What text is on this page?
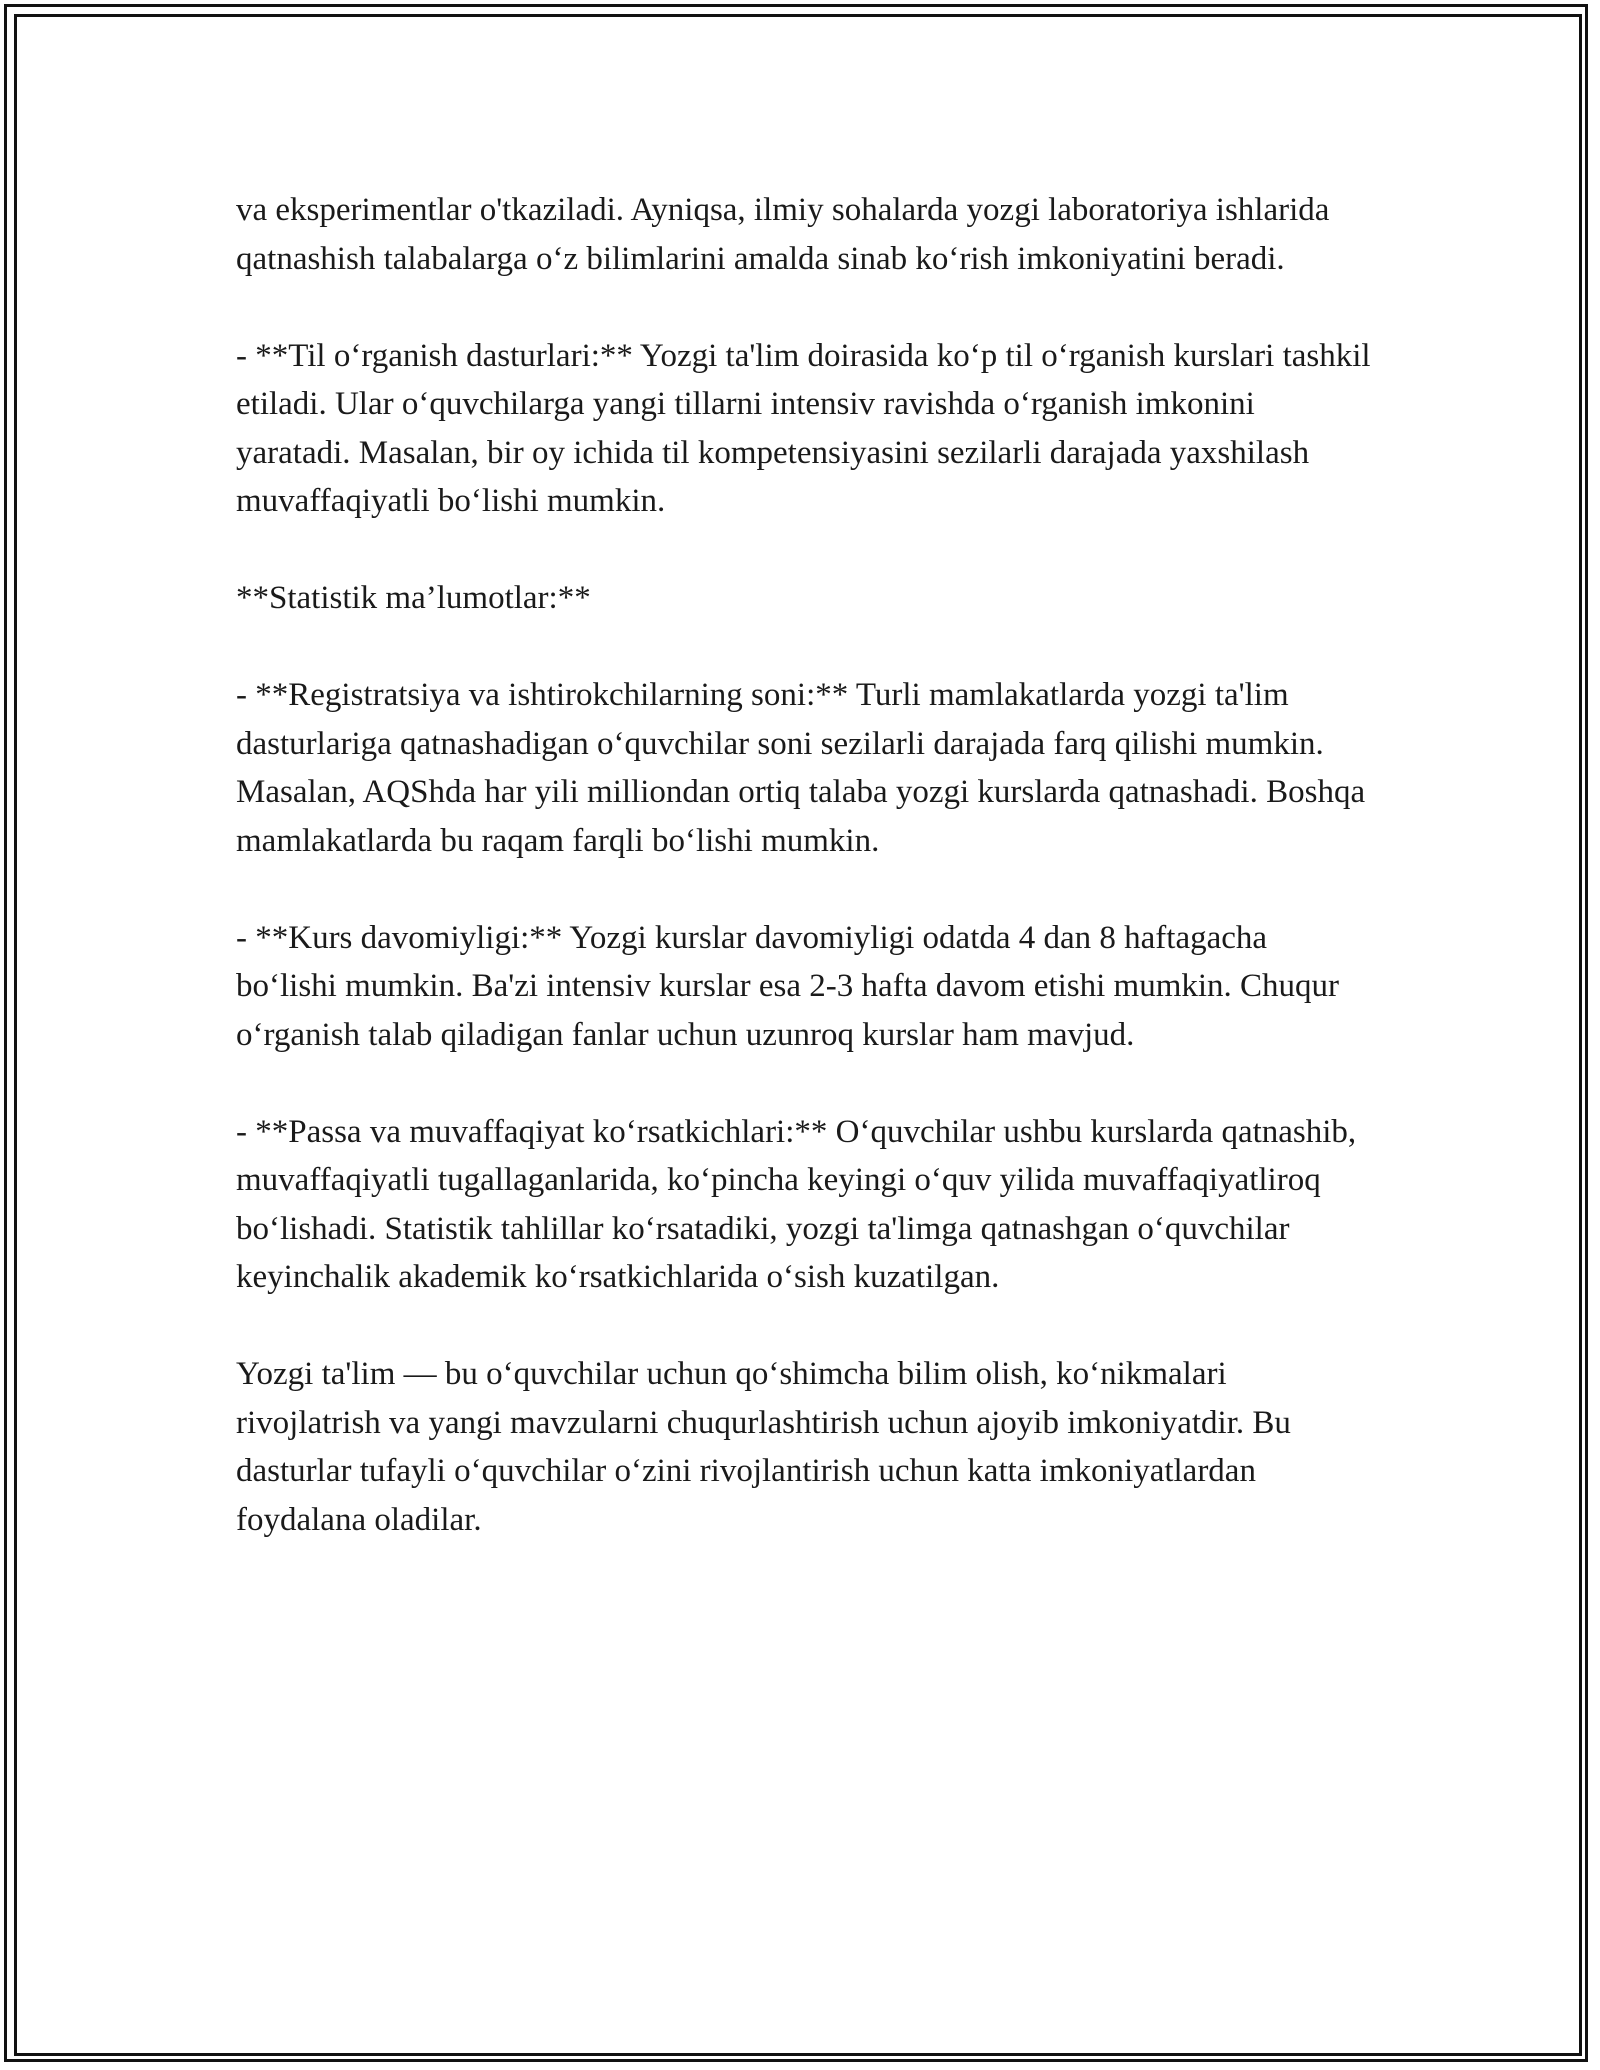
va eksperimentlar o'tkaziladi. Ayniqsa, ilmiy sohalarda yozgi laboratoriya ishlarida qatnashish talabalarga o‘z bilimlarini amalda sinab ko‘rish imkoniyatini beradi.

- **Til o‘rganish dasturlari:** Yozgi ta'lim doirasida ko‘p til o‘rganish kurslari tashkil etiladi. Ular o‘quvchilarga yangi tillarni intensiv ravishda o‘rganish imkonini yaratadi. Masalan, bir oy ichida til kompetensiyasini sezilarli darajada yaxshilash muvaffaqiyatli bo‘lishi mumkin.

**Statistik ma’lumotlar:**

- **Registratsiya va ishtirokchilarning soni:** Turli mamlakatlarda yozgi ta'lim dasturlariga qatnashadigan o‘quvchilar soni sezilarli darajada farq qilishi mumkin. Masalan, AQShda har yili milliondan ortiq talaba yozgi kurslarda qatnashadi. Boshqa mamlakatlarda bu raqam farqli bo‘lishi mumkin.

- **Kurs davomiyligi:** Yozgi kurslar davomiyligi odatda 4 dan 8 haftagacha bo‘lishi mumkin. Ba'zi intensiv kurslar esa 2-3 hafta davom etishi mumkin. Chuqur o‘rganish talab qiladigan fanlar uchun uzunroq kurslar ham mavjud.

- **Passa va muvaffaqiyat ko‘rsatkichlari:** O‘quvchilar ushbu kurslarda qatnashib, muvaffaqiyatli tugallaganlarida, ko‘pincha keyingi o‘quv yilida muvaffaqiyatliroq bo‘lishadi. Statistik tahlillar ko‘rsatadiki, yozgi ta'limga qatnashgan o‘quvchilar keyinchalik akademik ko‘rsatkichlarida o‘sish kuzatilgan.

Yozgi ta'lim — bu o‘quvchilar uchun qo‘shimcha bilim olish, ko‘nikmalari rivojlatrish va yangi mavzularni chuqurlashtirish uchun ajoyib imkoniyatdir. Bu dasturlar tufayli o‘quvchilar o‘zini rivojlantirish uchun katta imkoniyatlardan foydalana oladilar.
